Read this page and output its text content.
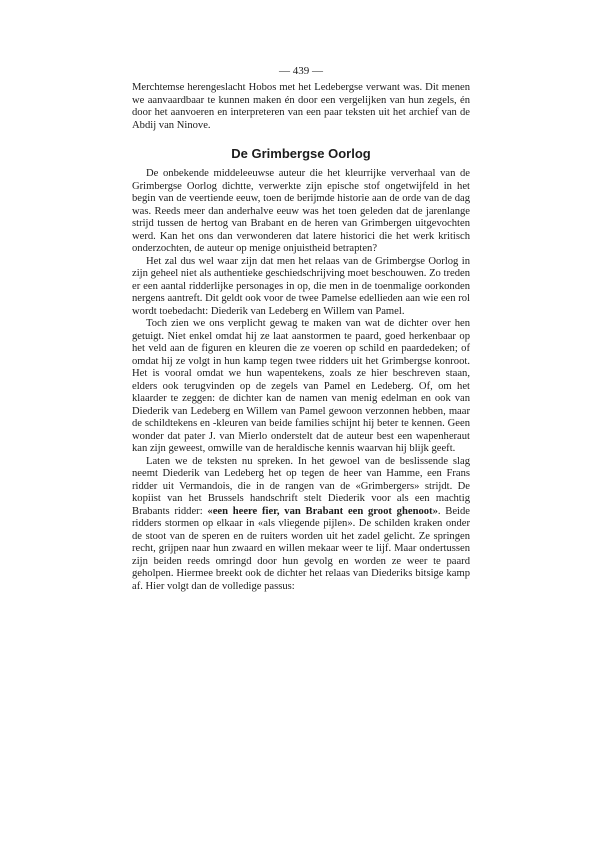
— 439 —

Merchtemse herengeslacht Hobos met het Ledebergse verwant was. Dit menen we aanvaardbaar te kunnen maken én door een vergelijken van hun zegels, én door het aanvoeren en interpreteren van een paar teksten uit het archief van de Abdij van Ninove.

De Grimbergse Oorlog

De onbekende middeleeuwse auteur die het kleurrijke ververhaal van de Grimbergse Oorlog dichtte, verwerkte zijn epische stof ongetwijfeld in het begin van de veertiende eeuw, toen de berijmde historie aan de orde van de dag was. Reeds meer dan anderhalve eeuw was het toen geleden dat de jarenlange strijd tussen de hertog van Brabant en de heren van Grimbergen uitgevochten werd. Kan het ons dan verwonderen dat latere historici die het werk kritisch onderzochten, de auteur op menige onjuistheid betrapten?

Het zal dus wel waar zijn dat men het relaas van de Grimbergse Oorlog in zijn geheel niet als authentieke geschiedschrijving moet beschouwen. Zo treden er een aantal ridderlijke personages in op, die men in de toenmalige oorkonden nergens aantreft. Dit geldt ook voor de twee Pamelse edellieden aan wie een rol wordt toebedacht: Diederik van Ledeberg en Willem van Pamel.

Toch zien we ons verplicht gewag te maken van wat de dichter over hen getuigt. Niet enkel omdat hij ze laat aanstormen te paard, goed herkenbaar op het veld aan de figuren en kleuren die ze voeren op schild en paardedeken; of omdat hij ze volgt in hun kamp tegen twee ridders uit het Grimbergse konroot. Het is vooral omdat we hun wapentekens, zoals ze hier beschreven staan, elders ook terugvinden op de zegels van Pamel en Ledeberg. Of, om het klaarder te zeggen: de dichter kan de namen van menig edelman en ook van Diederik van Ledeberg en Willem van Pamel gewoon verzonnen hebben, maar de schildtekens en -kleuren van beide families schijnt hij beter te kennen. Geen wonder dat pater J. van Mierlo onderstelt dat de auteur best een wapenheraut kan zijn geweest, omwille van de heraldische kennis waarvan hij blijk geeft.

Laten we de teksten nu spreken. In het gewoel van de beslissende slag neemt Diederik van Ledeberg het op tegen de heer van Hamme, een Frans ridder uit Vermandois, die in de rangen van de «Grimbergers» strijdt. De kopiist van het Brussels handschrift stelt Diederik voor als een machtig Brabants ridder: «een heere fier, van Brabant een groot ghenoot». Beide ridders stormen op elkaar in «als vliegende pijlen». De schilden kraken onder de stoot van de speren en de ruiters worden uit het zadel gelicht. Ze springen recht, grijpen naar hun zwaard en willen mekaar weer te lijf. Maar ondertussen zijn beiden reeds omringd door hun gevolg en worden ze weer te paard geholpen. Hiermee breekt ook de dichter het relaas van Diederiks bitsige kamp af. Hier volgt dan de volledige passus:
